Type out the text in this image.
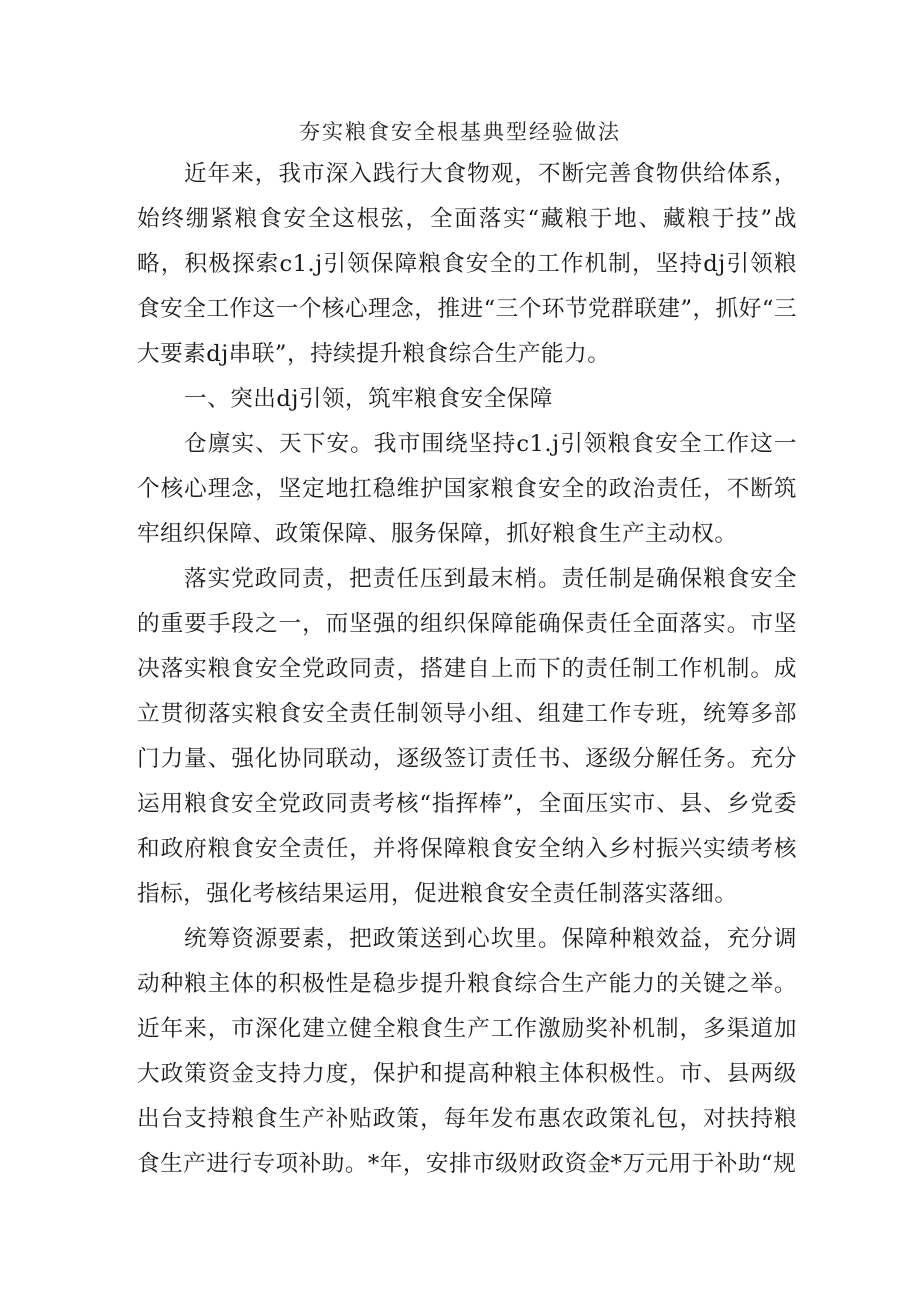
夯实粮食安全根基典型经验做法

近年来，我市深入践行大食物观，不断完善食物供给体系，始终绷紧粮食安全这根弦，全面落实“藏粮于地、藏粮于技”战略，积极探索c1.j引领保障粮食安全的工作机制，坚持dj引领粮食安全工作这一个核心理念，推进“三个环节党群联建”，抓好“三大要素dj串联”，持续提升粮食综合生产能力。

一、突出dj引领，筑牢粮食安全保障

仓廪实、天下安。我市围绕坚持c1.j引领粮食安全工作这一个核心理念，坚定地扛稳维护国家粮食安全的政治责任，不断筑牢组织保障、政策保障、服务保障，抓好粮食生产主动权。

落实党政同责，把责任压到最末梢。责任制是确保粮食安全的重要手段之一，而坚强的组织保障能确保责任全面落实。市坚决落实粮食安全党政同责，搭建自上而下的责任制工作机制。成立贯彻落实粮食安全责任制领导小组、组建工作专班，统筹多部门力量、强化协同联动，逐级签订责任书、逐级分解任务。充分运用粮食安全党政同责考核“指挥棒”，全面压实市、县、乡党委和政府粮食安全责任，并将保障粮食安全纳入乡村振兴实绩考核指标，强化考核结果运用，促进粮食安全责任制落实落细。

统筹资源要素，把政策送到心坎里。保障种粮效益，充分调动种粮主体的积极性是稳步提升粮食综合生产能力的关键之举。近年来，市深化建立健全粮食生产工作激励奖补机制，多渠道加大政策资金支持力度，保护和提高种粮主体积极性。市、县两级出台支持粮食生产补贴政策，每年发布惠农政策礼包，对扶持粮食生产进行专项补助。*年，安排市级财政资金*万元用于补助“规
